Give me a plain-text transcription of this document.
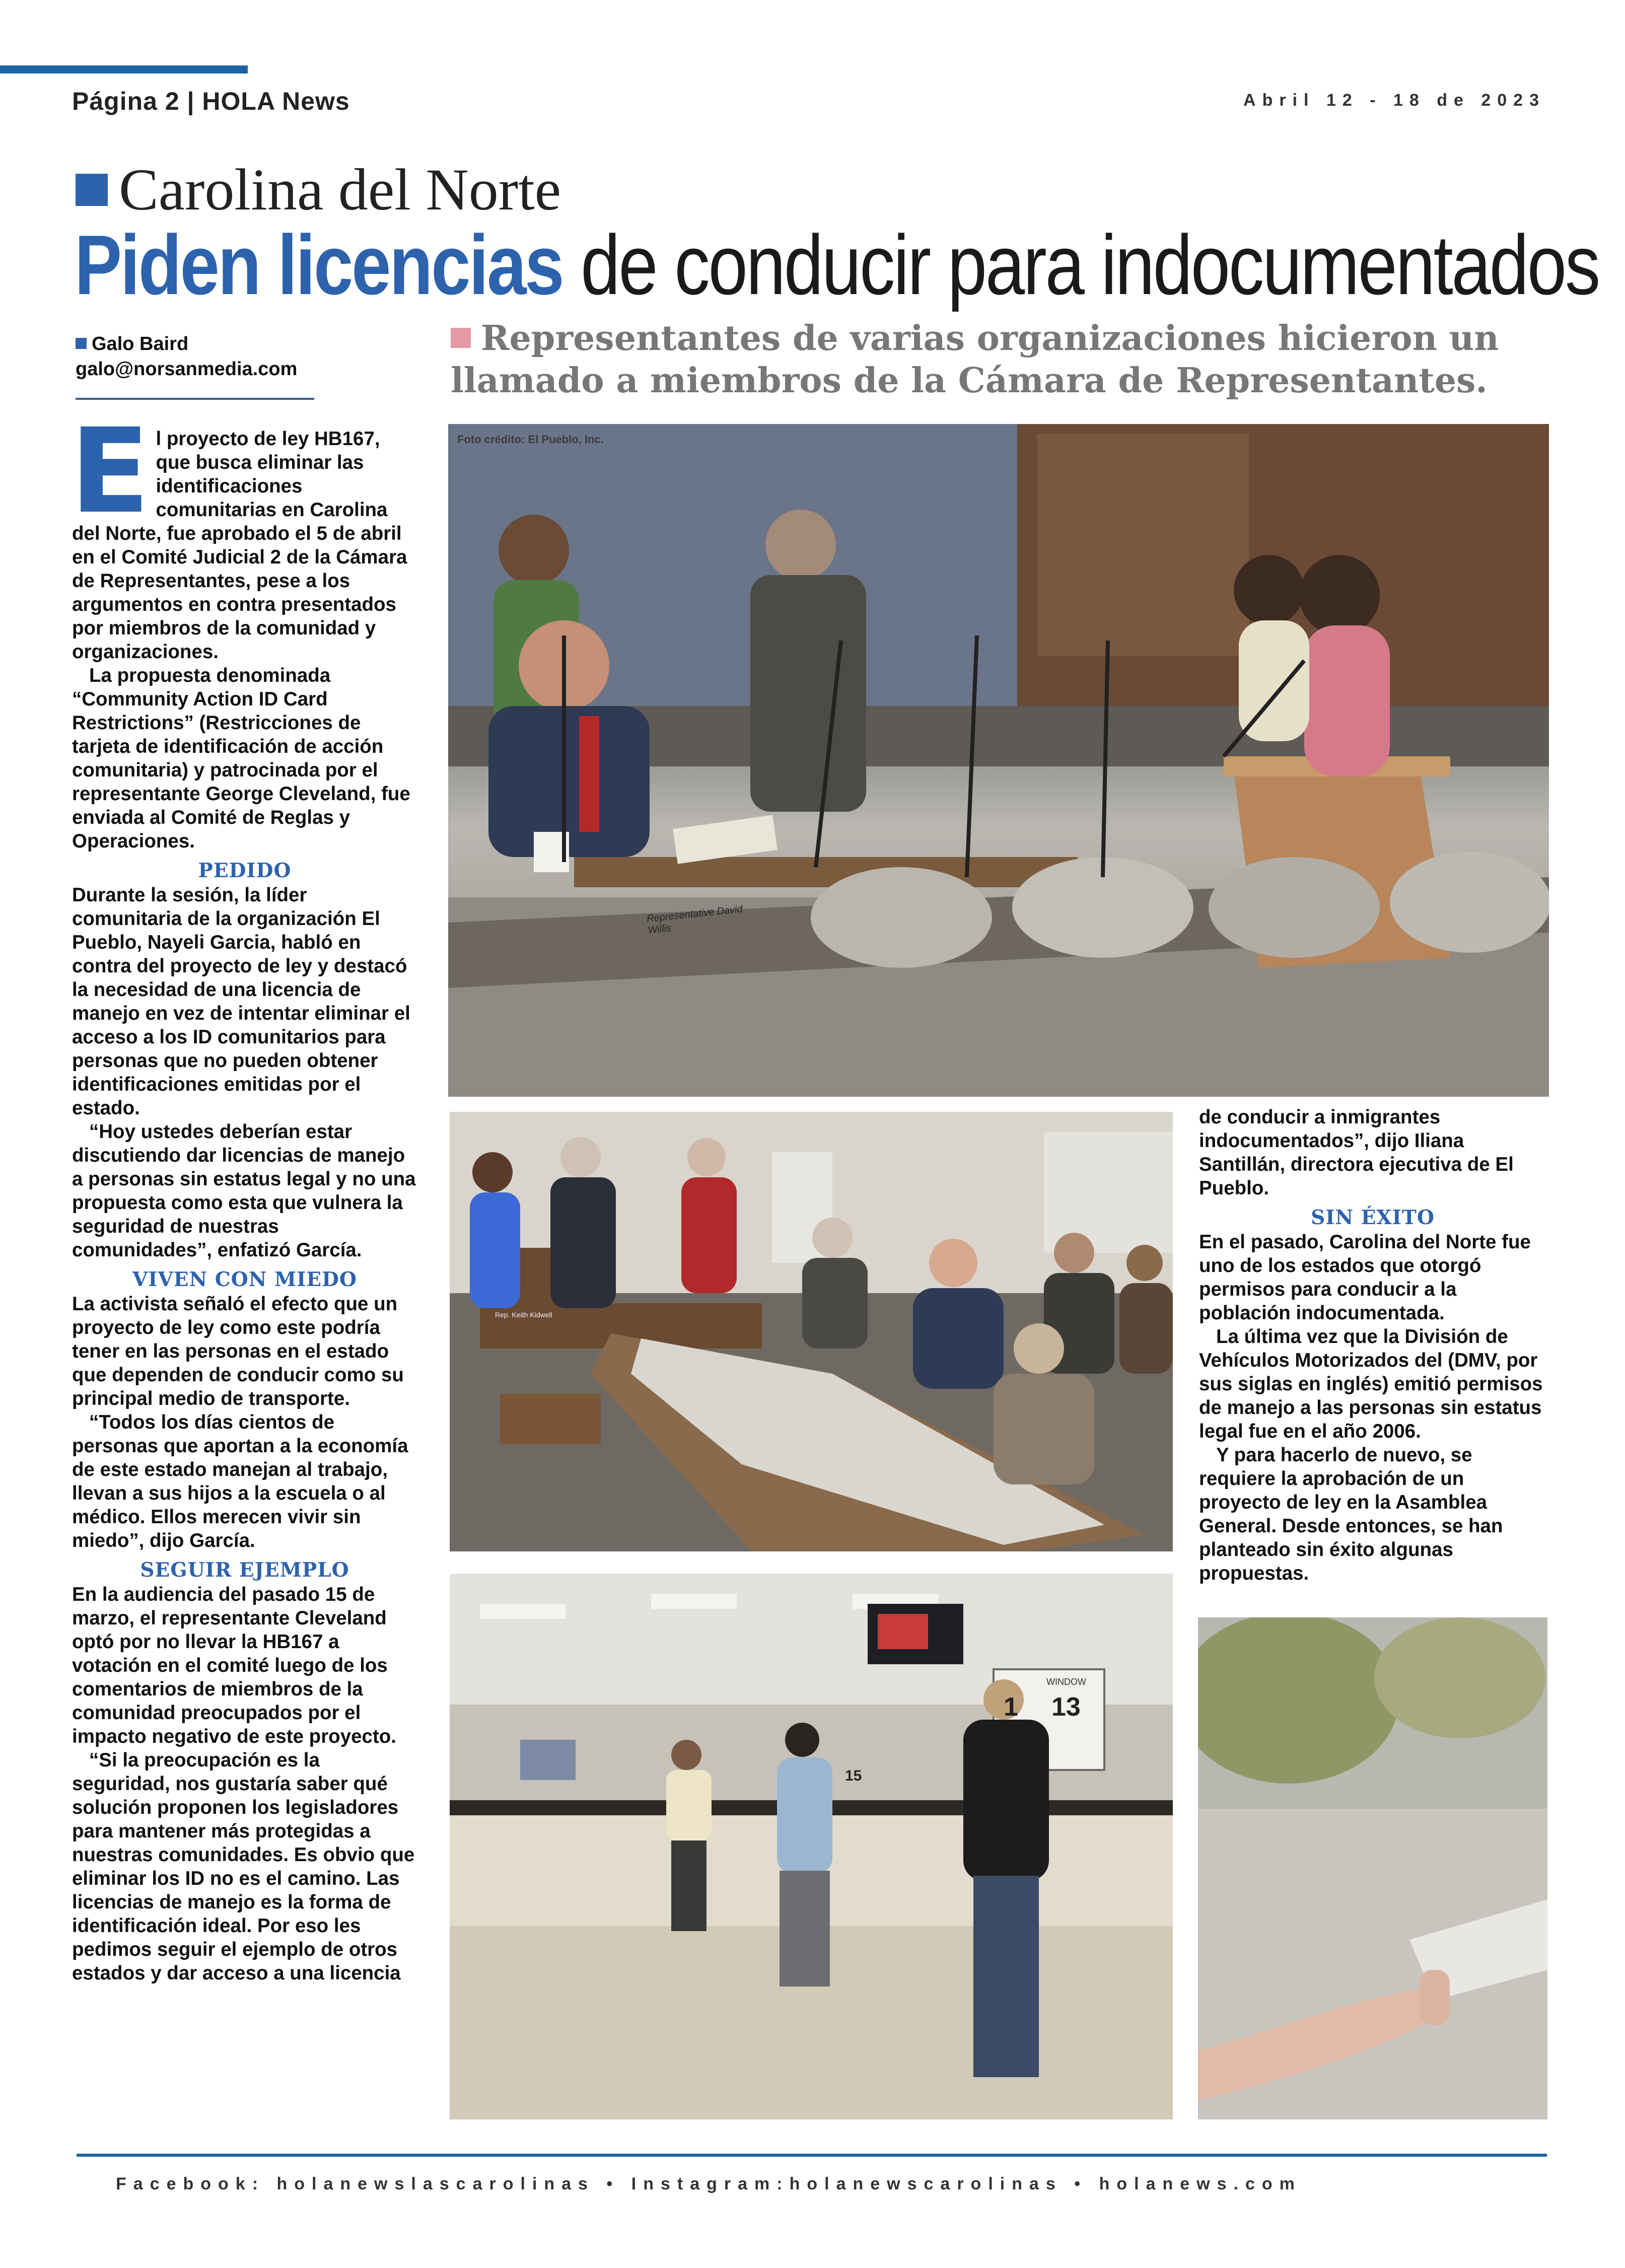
Página 2 | HOLA News	Abril 12 - 18 de 2023
Carolina del Norte
Piden licencias de conducir para indocumentados
Galo Baird
galo@norsanmedia.com
Representantes de varias organizaciones hicieron un llamado a miembros de la Cámara de Representantes.
E l proyecto de ley HB167, que busca eliminar las identificaciones comunitarias en Carolina del Norte, fue aprobado el 5 de abril en el Comité Judicial 2 de la Cámara de Representantes, pese a los argumentos en contra presentados por miembros de la comunidad y organizaciones.

La propuesta denominada “Community Action ID Card Restrictions” (Restricciones de tarjeta de identificación de acción comunitaria) y patrocinada por el representante George Cleveland, fue enviada al Comité de Reglas y Operaciones.

PEDIDO

Durante la sesión, la líder comunitaria de la organización El Pueblo, Nayeli Garcia, habló en contra del proyecto de ley y destacó la necesidad de una licencia de manejo en vez de intentar eliminar el acceso a los ID comunitarios para personas que no pueden obtener identificaciones emitidas por el estado.

“Hoy ustedes deberían estar discutiendo dar licencias de manejo a personas sin estatus legal y no una propuesta como esta que vulnera la seguridad de nuestras comunidades”, enfatizó García.

VIVEN CON MIEDO

La activista señaló el efecto que un proyecto de ley como este podría tener en las personas en el estado que dependen de conducir como su principal medio de transporte.

“Todos los días cientos de personas que aportan a la economía de este estado manejan al trabajo, llevan a sus hijos a la escuela o al médico. Ellos merecen vivir sin miedo”, dijo García.

SEGUIR EJEMPLO

En la audiencia del pasado 15 de marzo, el representante Cleveland optó por no llevar la HB167 a votación en el comité luego de los comentarios de miembros de la comunidad preocupados por el impacto negativo de este proyecto.

“Si la preocupación es la seguridad, nos gustaría saber qué solución proponen los legisladores para mantener más protegidas a nuestras comunidades. Es obvio que eliminar los ID no es el camino. Las licencias de manejo es la forma de identificación ideal. Por eso les pedimos seguir el ejemplo de otros estados y dar acceso a una licencia

Foto crédito: El Pueblo, Inc.
Representative David Willis
Rep. Keith Kidwell
WINDOW
13
1
15

de conducir a inmigrantes indocumentados”, dijo Iliana Santillán, directora ejecutiva de El Pueblo.

SIN ÉXITO

En el pasado, Carolina del Norte fue uno de los estados que otorgó permisos para conducir a la población indocumentada.

La última vez que la División de Vehículos Motorizados del (DMV, por sus siglas en inglés) emitió permisos de manejo a las personas sin estatus legal fue en el año 2006.

Y para hacerlo de nuevo, se requiere la aprobación de un proyecto de ley en la Asamblea General. Desde entonces, se han planteado sin éxito algunas propuestas.

Facebook: holanewslascarolinas • Instagram:holanewscarolinas • holanews.com
